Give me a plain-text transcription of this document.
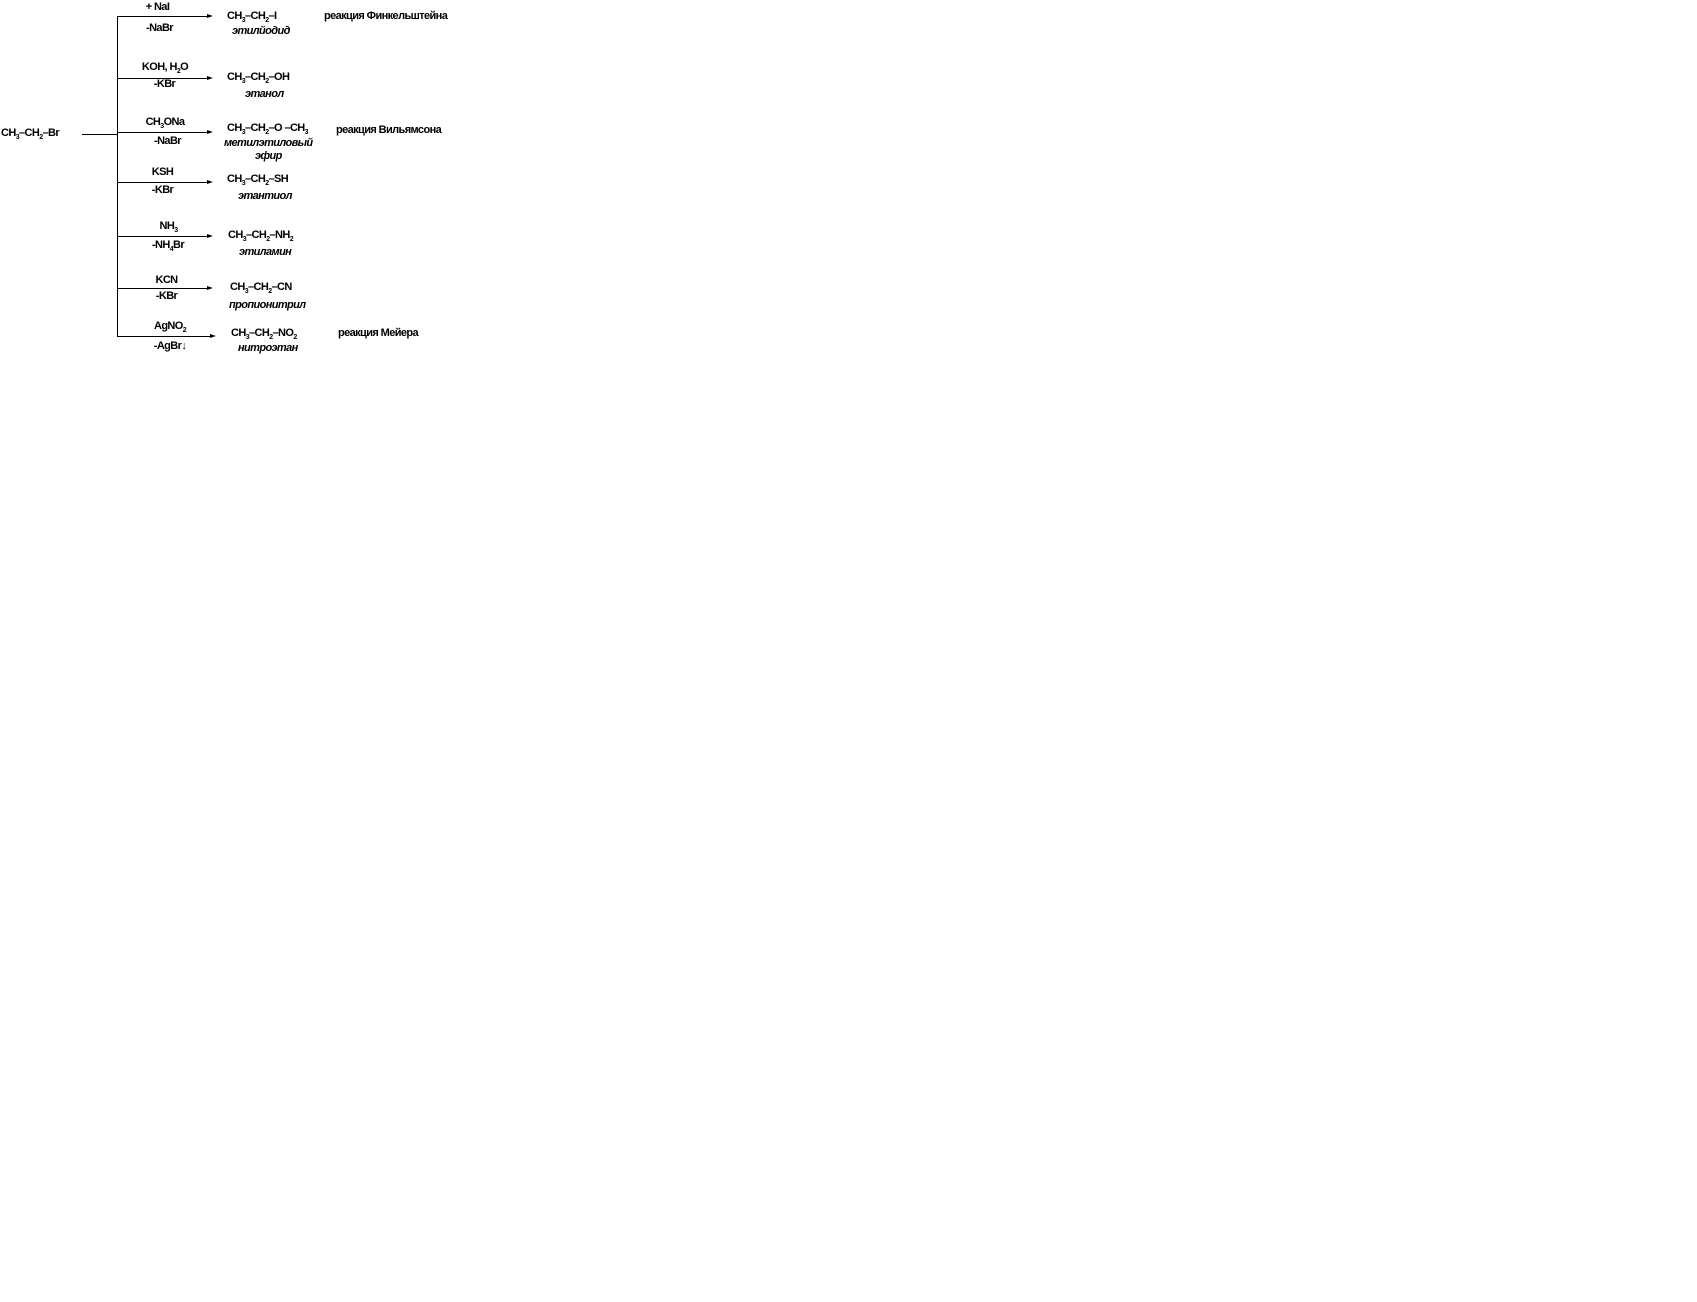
$CH_3-CH_2-Br$
+ NaI
-NaBr
$CH_3-CH_2-I$
этилйодид
реакция Финкельштейна
KOH, $H_2O$
-KBr
$CH_3-CH_2-OH$
этанол
$CH_3ONa$
-NaBr
$CH_3-CH_2-O$ $-CH_3$
метилэтиловый
эфир
реакция Вильямсона
KSH
-KBr
$CH_3-CH_2-SH$
этантиол
$NH_3$
$-NH_4Br$
$CH_3-CH_2-NH_2$
этиламин
KCN
-KBr
$CH_3-CH_2-CN$
пропионитрил
AgNO$_2$
-AgBr↓
$CH_3-CH_2-NO_2$
нитроэтан
реакция Мейера
